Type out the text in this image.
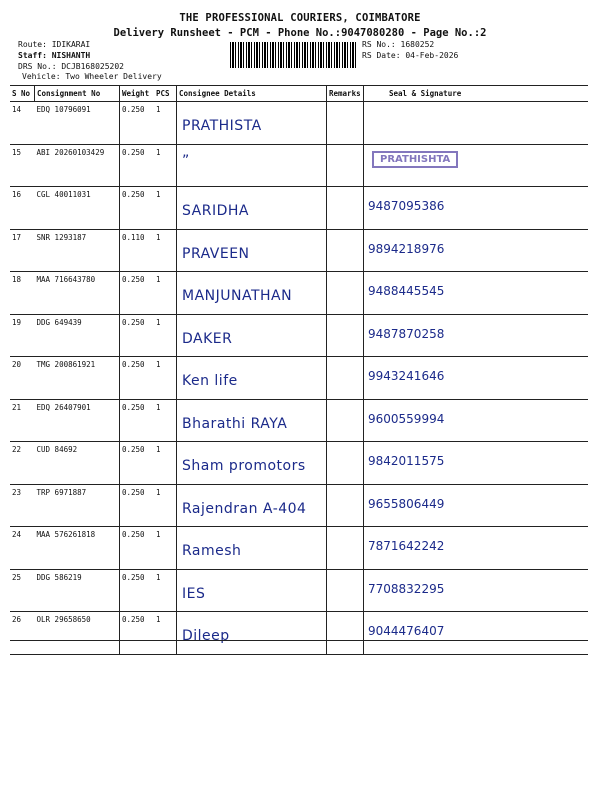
THE PROFESSIONAL COURIERS, COIMBATORE
Delivery Runsheet - PCM - Phone No.:9047080280 - Page No.:2
Route: IDIKARAI
Staff: NISHANTH
DRS No.: DCJB168025202
Vehicle: Two Wheeler Delivery
RS No.: 1680252
RS Date: 04-Feb-2026
S No	Consignment No	Weight	PCS	Consignee Details	Remarks	Seal & Signature
14	EDQ 10796091	0.250	1	PRATHISTA		

15	ABI 20260103429	0.250	1	”		PRATHISHTA

16	CGL 40011031	0.250	1	SARIDHA		9487095386

17	SNR 1293187	0.110	1	PRAVEEN		9894218976

18	MAA 716643780	0.250	1	MANJUNATHAN		9488445545

19	DDG 649439	0.250	1	DAKER		9487870258

20	TMG 200861921	0.250	1	Ken life		9943241646

21	EDQ 26407901	0.250	1	Bharathi RAYA		9600559994

22	CUD 84692	0.250	1	Sham promotors		9842011575

23	TRP 6971887	0.250	1	Rajendran A-404		9655806449

24	MAA 576261818	0.250	1	Ramesh		7871642242

25	DDG 586219	0.250	1	IES		7708832295

26	OLR 29658650	0.250	1	Dileep		9044476407
